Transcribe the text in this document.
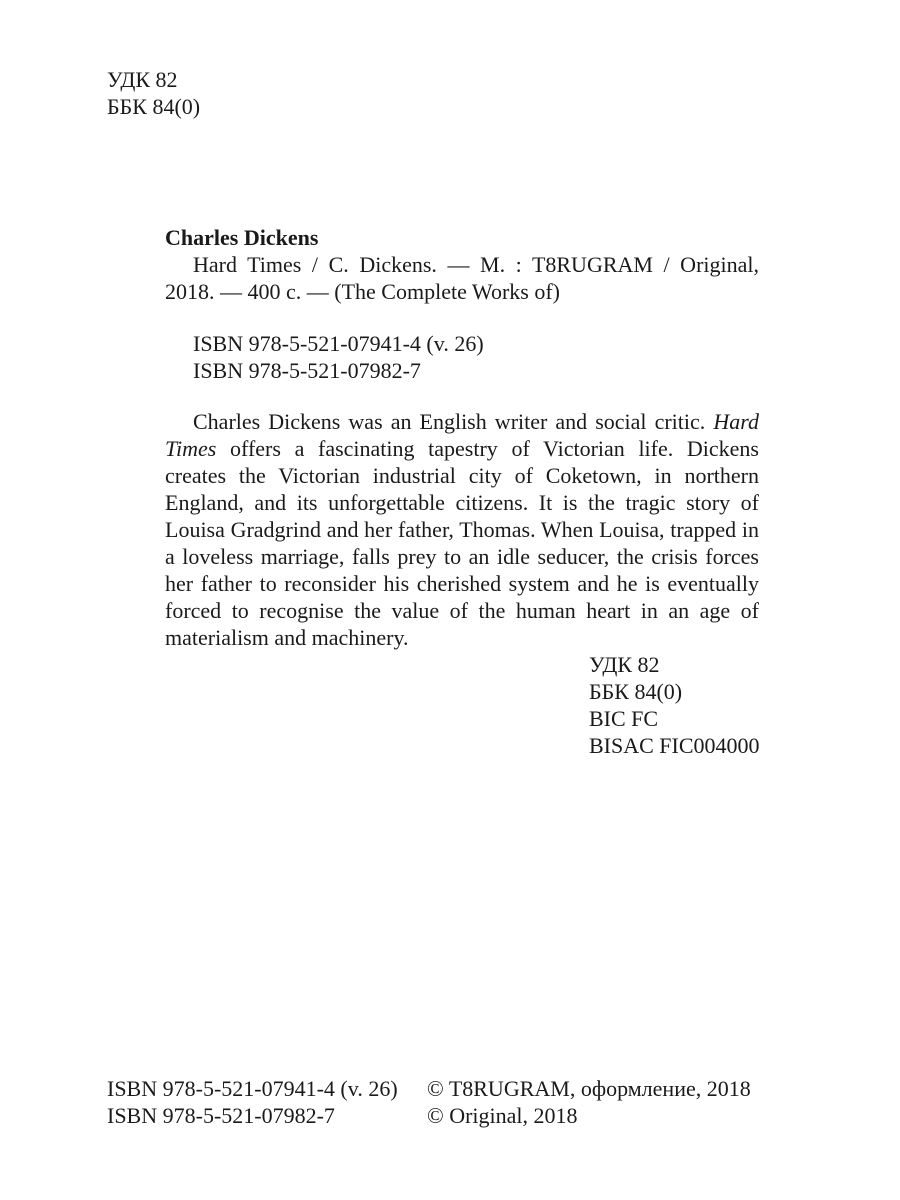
УДК 82
ББК 84(0)

Charles Dickens

Hard Times / C. Dickens. — M. : T8RUGRAM / Original, 2018. — 400 c. — (The Complete Works of)

ISBN 978-5-521-07941-4 (v. 26)
ISBN 978-5-521-07982-7

Charles Dickens was an English writer and social critic. Hard Times offers a fascinating tapestry of Victorian life. Dickens creates the Victorian industrial city of Coketown, in northern England, and its unforgettable citizens. It is the tragic story of Louisa Gradgrind and her father, Thomas. When Louisa, trapped in a loveless marriage, falls prey to an idle seducer, the crisis forces her father to reconsider his cherished system and he is eventually forced to recognise the value of the human heart in an age of materialism and machinery.

УДК 82
ББК 84(0)
BIC FC
BISAC FIC004000
ISBN 978-5-521-07941-4 (v. 26)	© T8RUGRAM, оформление, 2018
ISBN 978-5-521-07982-7	© Original, 2018
